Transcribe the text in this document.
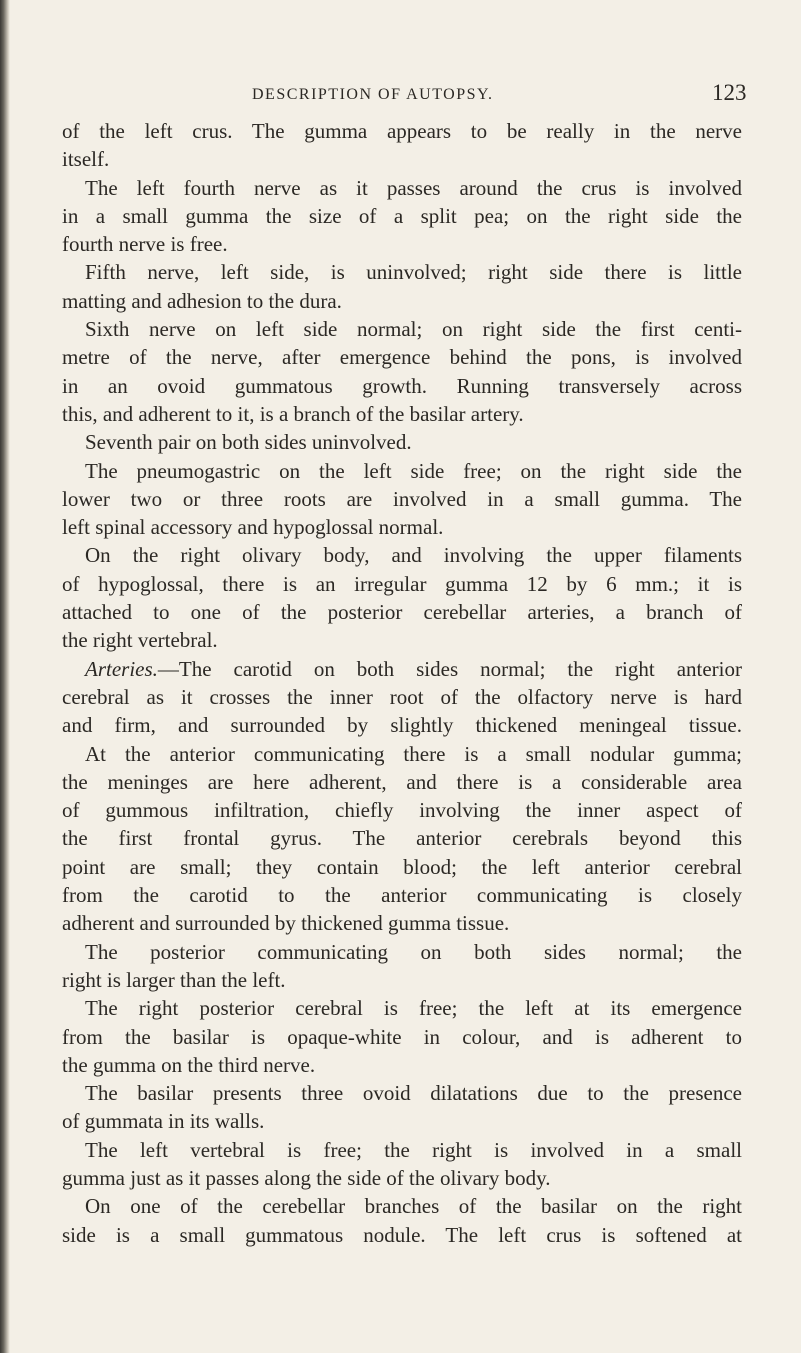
DESCRIPTION OF AUTOPSY.	123
of the left crus. The gumma appears to be really in the nerve
itself.
The left fourth nerve as it passes around the crus is involved
in a small gumma the size of a split pea; on the right side the
fourth nerve is free.
Fifth nerve, left side, is uninvolved; right side there is little
matting and adhesion to the dura.
Sixth nerve on left side normal; on right side the first centi-
metre of the nerve, after emergence behind the pons, is involved
in an ovoid gummatous growth. Running transversely across
this, and adherent to it, is a branch of the basilar artery.
Seventh pair on both sides uninvolved.
The pneumogastric on the left side free; on the right side the
lower two or three roots are involved in a small gumma. The
left spinal accessory and hypoglossal normal.
On the right olivary body, and involving the upper filaments
of hypoglossal, there is an irregular gumma 12 by 6 mm.; it is
attached to one of the posterior cerebellar arteries, a branch of
the right vertebral.
Arteries.—The carotid on both sides normal; the right anterior
cerebral as it crosses the inner root of the olfactory nerve is hard
and firm, and surrounded by slightly thickened meningeal tissue.
At the anterior communicating there is a small nodular gumma;
the meninges are here adherent, and there is a considerable area
of gummous infiltration, chiefly involving the inner aspect of
the first frontal gyrus. The anterior cerebrals beyond this
point are small; they contain blood; the left anterior cerebral
from the carotid to the anterior communicating is closely
adherent and surrounded by thickened gumma tissue.
The posterior communicating on both sides normal; the
right is larger than the left.
The right posterior cerebral is free; the left at its emergence
from the basilar is opaque-white in colour, and is adherent to
the gumma on the third nerve.
The basilar presents three ovoid dilatations due to the presence
of gummata in its walls.
The left vertebral is free; the right is involved in a small
gumma just as it passes along the side of the olivary body.
On one of the cerebellar branches of the basilar on the right
side is a small gummatous nodule. The left crus is softened at
